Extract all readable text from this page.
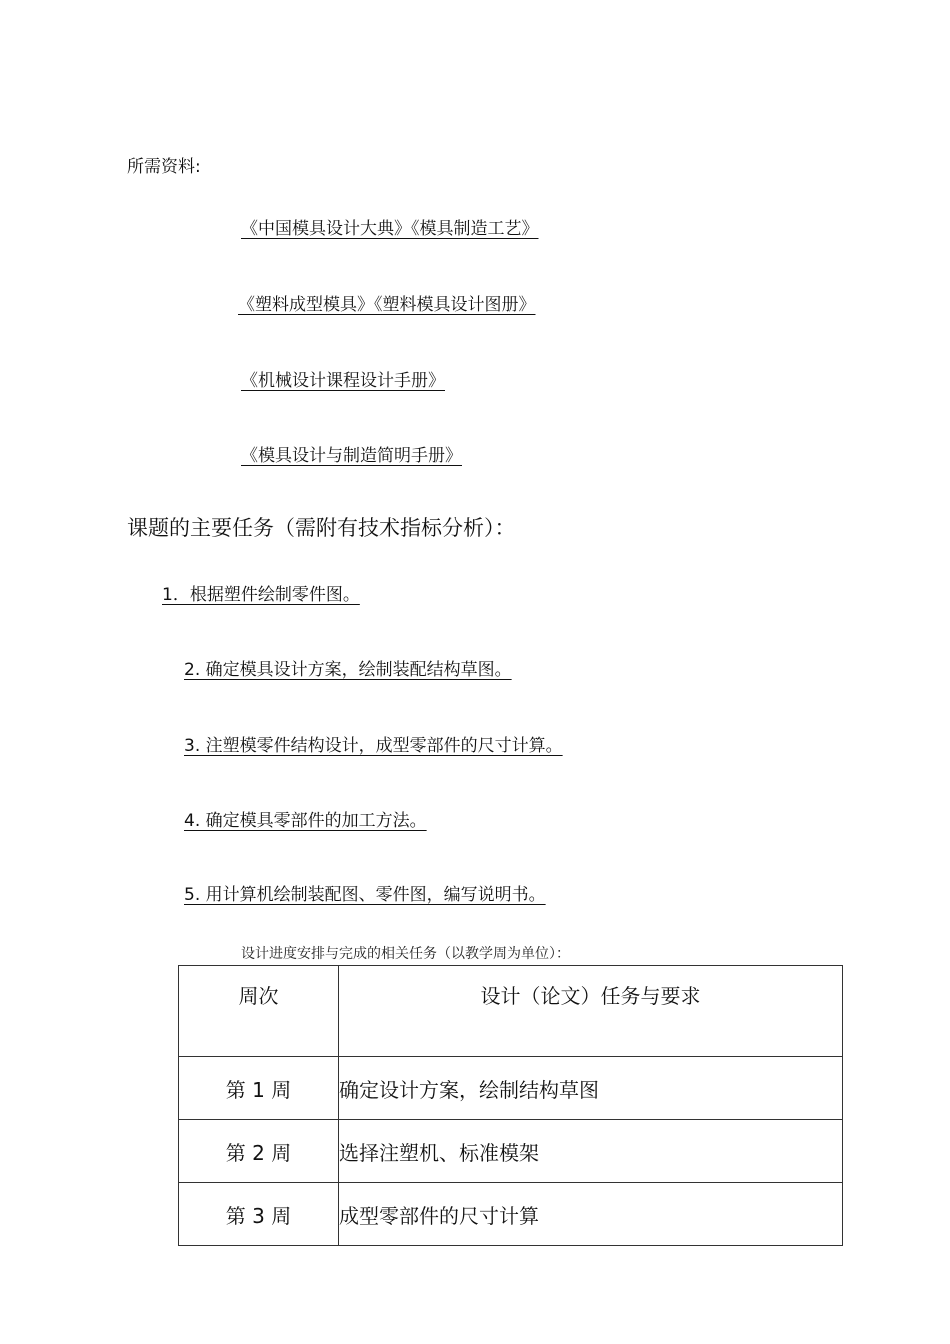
所需资料:
《中国模具设计大典》《模具制造工艺》
《塑料成型模具》《塑料模具设计图册》
《机械设计课程设计手册》
《模具设计与制造简明手册》
课题的主要任务（需附有技术指标分析）：
1．根据塑件绘制零件图。
2. 确定模具设计方案，绘制装配结构草图。
3. 注塑模零件结构设计，成型零部件的尺寸计算。
4. 确定模具零部件的加工方法。
5. 用计算机绘制装配图、零件图，编写说明书。
设计进度安排与完成的相关任务（以教学周为单位）：
周次	设计（论文）任务与要求
第 1 周	确定设计方案，绘制结构草图
第 2 周	选择注塑机、标准模架
第 3 周	成型零部件的尺寸计算
